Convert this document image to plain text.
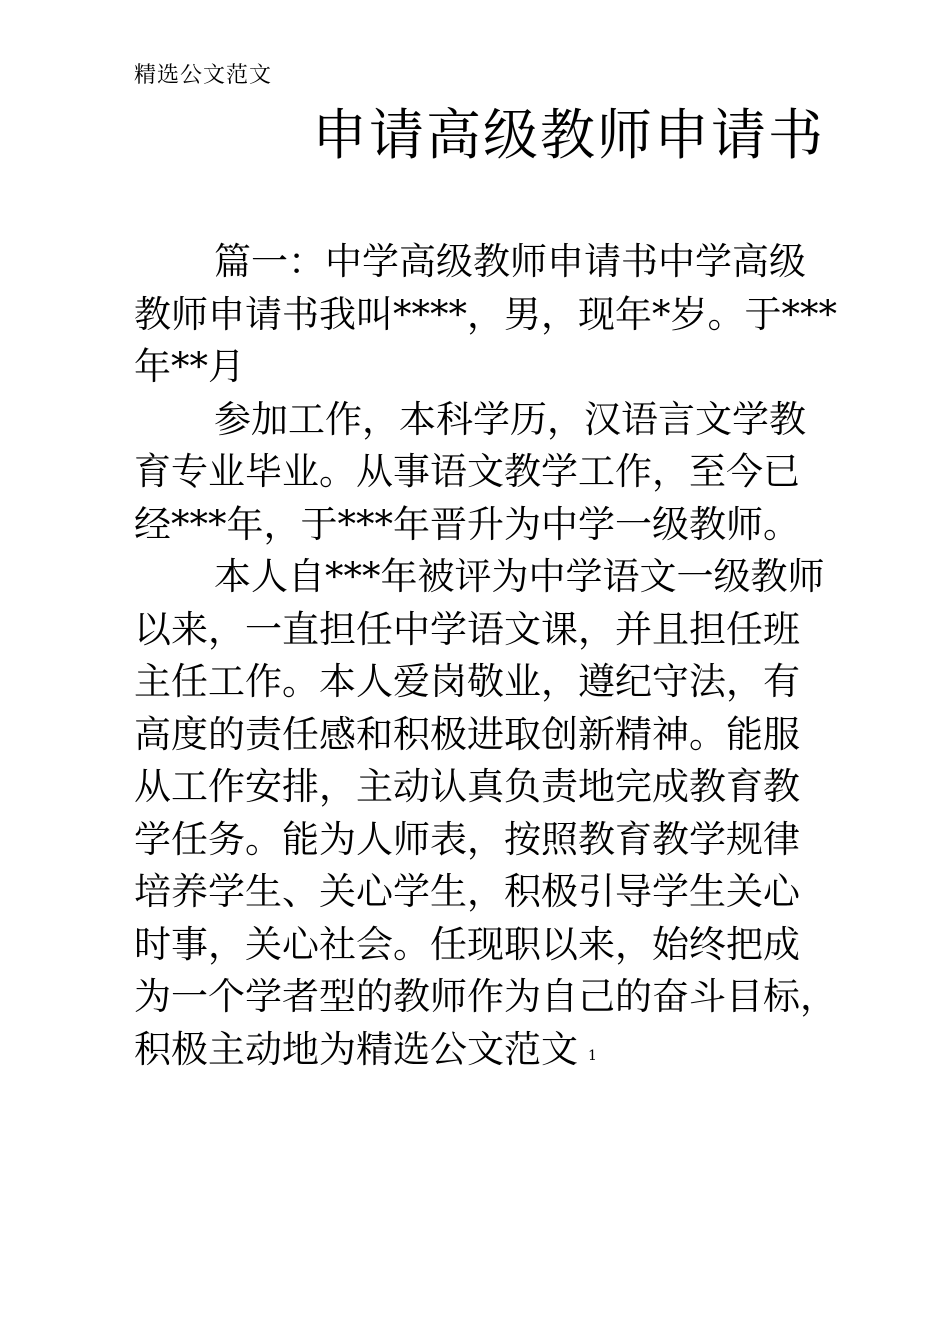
精选公文范文
申请高级教师申请书
篇一：中学高级教师申请书中学高级
教师申请书我叫****，男，现年*岁。于***
年**月
参加工作，本科学历，汉语言文学教
育专业毕业。从事语文教学工作，至今已
经***年，于***年晋升为中学一级教师。
本人自***年被评为中学语文一级教师
以来，一直担任中学语文课，并且担任班
主任工作。本人爱岗敬业，遵纪守法，有
高度的责任感和积极进取创新精神。能服
从工作安排，主动认真负责地完成教育教
学任务。能为人师表，按照教育教学规律
培养学生、关心学生，积极引导学生关心
时事，关心社会。任现职以来，始终把成
为一个学者型的教师作为自己的奋斗目标，
积极主动地为精选公文范文 1
